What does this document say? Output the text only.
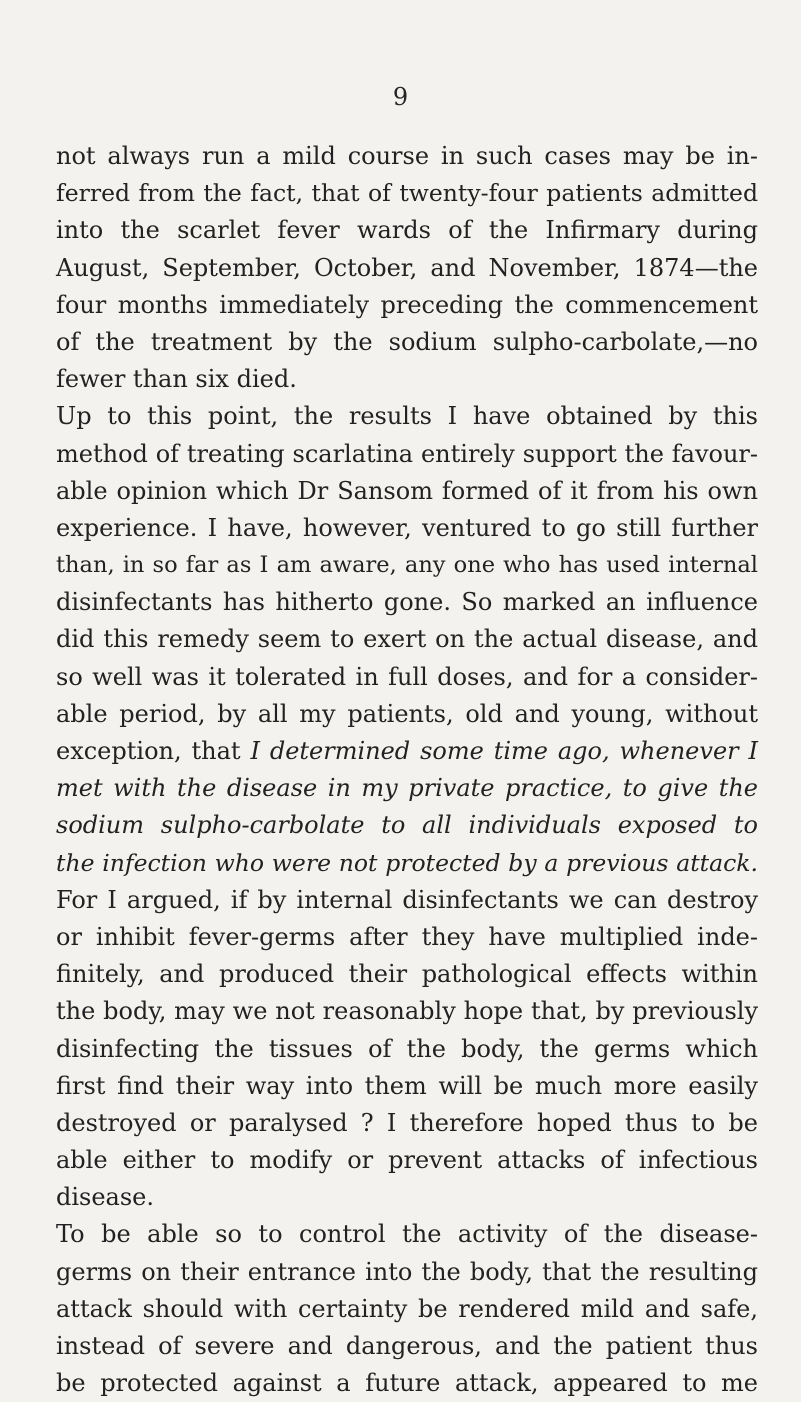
9
not always run a mild course in such cases may be in-
ferred from the fact, that of twenty-four patients admitted
into the scarlet fever wards of the Infirmary during
August, September, October, and November, 1874—the
four months immediately preceding the commencement
of the treatment by the sodium sulpho-carbolate,—no
fewer than six died.
Up to this point, the results I have obtained by this
method of treating scarlatina entirely support the favour-
able opinion which Dr Sansom formed of it from his own
experience. I have, however, ventured to go still further
than, in so far as I am aware, any one who has used internal
disinfectants has hitherto gone. So marked an influence
did this remedy seem to exert on the actual disease, and
so well was it tolerated in full doses, and for a consider-
able period, by all my patients, old and young, without
exception, that I determined some time ago, whenever I
met with the disease in my private practice, to give the
sodium sulpho-carbolate to all individuals exposed to
the infection who were not protected by a previous attack.
For I argued, if by internal disinfectants we can destroy
or inhibit fever-germs after they have multiplied inde-
finitely, and produced their pathological effects within
the body, may we not reasonably hope that, by previously
disinfecting the tissues of the body, the germs which
first find their way into them will be much more easily
destroyed or paralysed ? I therefore hoped thus to be
able either to modify or prevent attacks of infectious
disease.
To be able so to control the activity of the disease-
germs on their entrance into the body, that the resulting
attack should with certainty be rendered mild and safe,
instead of severe and dangerous, and the patient thus
be protected against a future attack, appeared to me
